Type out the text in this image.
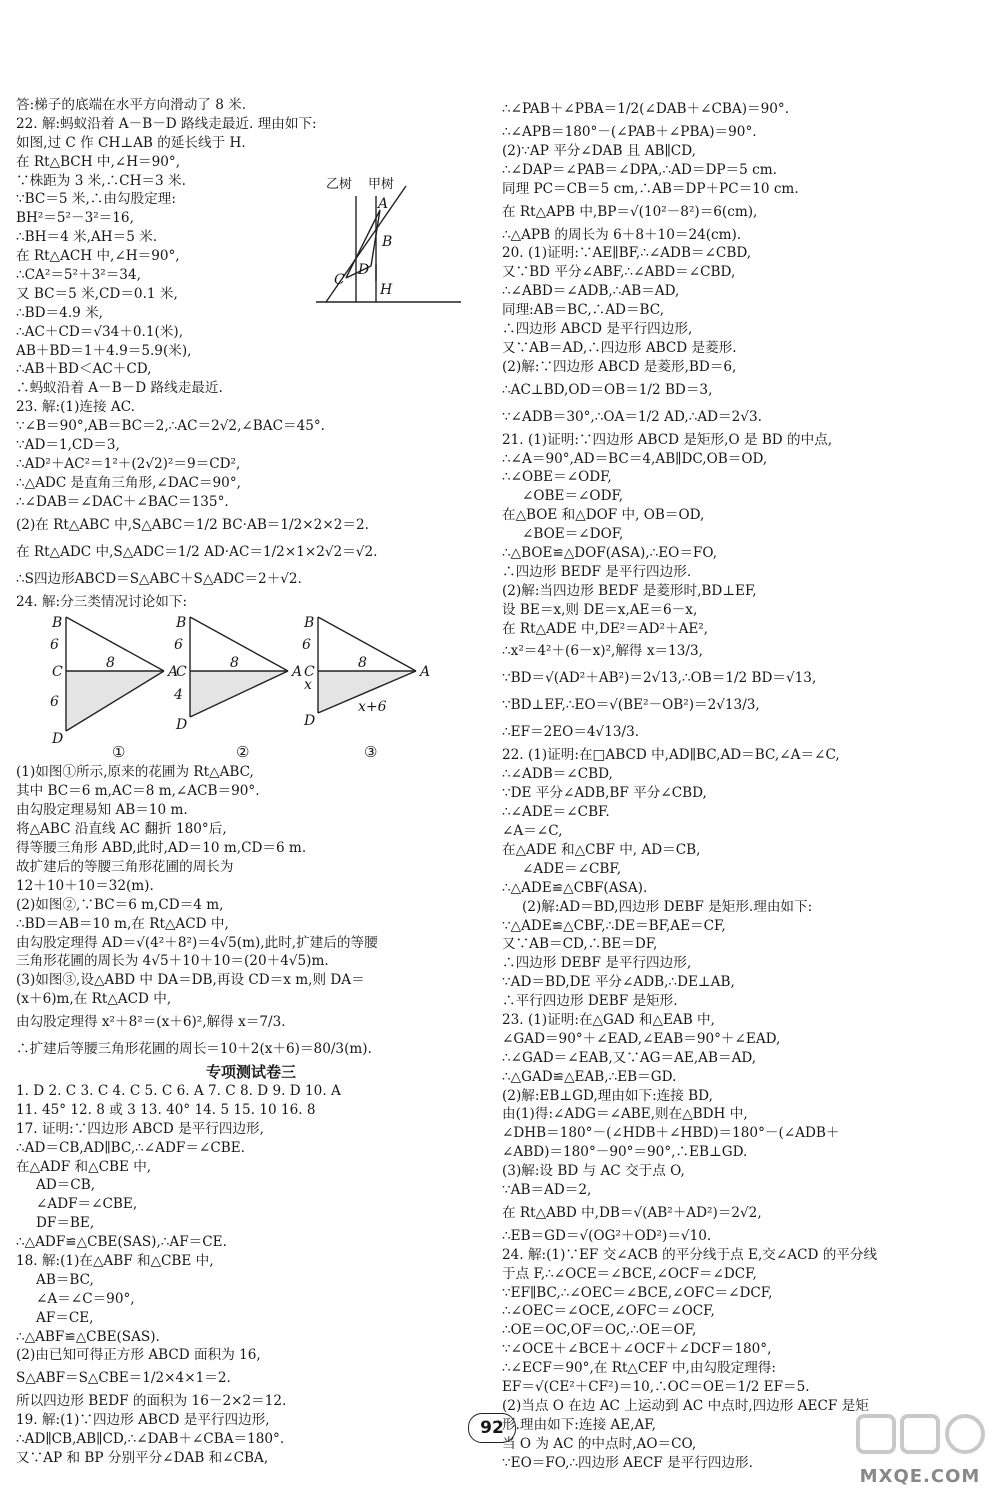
乙树 甲树
A
B
C
D
H
答:梯子的底端在水平方向滑动了 8 米.
22. 解:蚂蚁沿着 A－B－D 路线走最近. 理由如下:
如图,过 C 作 CH⊥AB 的延长线于 H.
在 Rt△BCH 中,∠H＝90°,
∵株距为 3 米,∴CH＝3 米.
∵BC＝5 米,∴由勾股定理:
BH²＝5²－3²＝16,
∴BH＝4 米,AH＝5 米.
在 Rt△ACH 中,∠H＝90°,
∴CA²＝5²＋3²＝34,
又 BC＝5 米,CD＝0.1 米,
∴BD＝4.9 米,
∴AC＋CD＝√34＋0.1(米),
AB＋BD＝1＋4.9＝5.9(米),
∴AB＋BD＜AC＋CD,
∴蚂蚁沿着 A－B－D 路线走最近.
23. 解:(1)连接 AC.
∵∠B＝90°,AB＝BC＝2,∴AC＝2√2,∠BAC＝45°.
∵AD＝1,CD＝3,
∴AD²＋AC²＝1²＋(2√2)²＝9＝CD²,
∴△ADC 是直角三角形,∠DAC＝90°,
∴∠DAB＝∠DAC＋∠BAC＝135°.
(2)在 Rt△ABC 中,S△ABC＝1/2 BC·AB＝1/2×2×2＝2.
在 Rt△ADC 中,S△ADC＝1/2 AD·AC＝1/2×1×2√2＝√2.
∴S四边形ABCD＝S△ABC＋S△ADC＝2＋√2.
24. 解:分三类情况讨论如下:
B
C	A
D
6
6
8
①
B
C	A
D
6
4
8
②
B
C	A
D
6
8
x
x+6
③
(1)如图①所示,原来的花圃为 Rt△ABC,
其中 BC＝6 m,AC＝8 m,∠ACB＝90°.
由勾股定理易知 AB＝10 m.
将△ABC 沿直线 AC 翻折 180°后,
得等腰三角形 ABD,此时,AD＝10 m,CD＝6 m.
故扩建后的等腰三角形花圃的周长为
12＋10＋10＝32(m).
(2)如图②,∵BC＝6 m,CD＝4 m,
∴BD＝AB＝10 m,在 Rt△ACD 中,
由勾股定理得 AD＝√(4²＋8²)＝4√5(m),此时,扩建后的等腰
三角形花圃的周长为 4√5＋10＋10＝(20＋4√5)m.
(3)如图③,设△ABD 中 DA＝DB,再设 CD＝x m,则 DA＝
(x＋6)m,在 Rt△ACD 中,
由勾股定理得 x²＋8²＝(x＋6)²,解得 x＝7/3.
∴扩建后等腰三角形花圃的周长＝10＋2(x＋6)＝80/3(m).
专项测试卷三
1. D 2. C 3. C 4. C 5. C 6. A 7. C 8. D 9. D 10. A
11. 45° 12. 8 或 3 13. 40° 14. 5 15. 10 16. 8
17. 证明:∵四边形 ABCD 是平行四边形,
∴AD＝CB,AD∥BC,∴∠ADF＝∠CBE.
在△ADF 和△CBE 中,
AD＝CB,
∠ADF＝∠CBE,
DF＝BE,
∴△ADF≌△CBE(SAS),∴AF＝CE.
18. 解:(1)在△ABF 和△CBE 中,
AB＝BC,
∠A＝∠C＝90°,
AF＝CE,
∴△ABF≌△CBE(SAS).
(2)由已知可得正方形 ABCD 面积为 16,
S△ABF＝S△CBE＝1/2×4×1＝2.
所以四边形 BEDF 的面积为 16－2×2＝12.
19. 解:(1)∵四边形 ABCD 是平行四边形,
∴AD∥CB,AB∥CD,∴∠DAB＋∠CBA＝180°.
又∵AP 和 BP 分别平分∠DAB 和∠CBA,
∴∠PAB＋∠PBA＝1/2(∠DAB＋∠CBA)＝90°.
∴∠APB＝180°－(∠PAB＋∠PBA)＝90°.
(2)∵AP 平分∠DAB 且 AB∥CD,
∴∠DAP＝∠PAB＝∠DPA,∴AD＝DP＝5 cm.
同理 PC＝CB＝5 cm,∴AB＝DP＋PC＝10 cm.
在 Rt△APB 中,BP＝√(10²－8²)＝6(cm),
∴△APB 的周长为 6＋8＋10＝24(cm).
20. (1)证明:∵AE∥BF,∴∠ADB＝∠CBD,
又∵BD 平分∠ABF,∴∠ABD＝∠CBD,
∴∠ABD＝∠ADB,∴AB＝AD,
同理:AB＝BC,∴AD＝BC,
∴四边形 ABCD 是平行四边形,
又∵AB＝AD,∴四边形 ABCD 是菱形.
(2)解:∵四边形 ABCD 是菱形,BD＝6,
∴AC⊥BD,OD＝OB＝1/2 BD＝3,
∵∠ADB＝30°,∴OA＝1/2 AD,∴AD＝2√3.
21. (1)证明:∵四边形 ABCD 是矩形,O 是 BD 的中点,
∴∠A＝90°,AD＝BC＝4,AB∥DC,OB＝OD,
∴∠OBE＝∠ODF,
∠OBE＝∠ODF,
在△BOE 和△DOF 中, OB＝OD,
∠BOE＝∠DOF,
∴△BOE≌△DOF(ASA),∴EO＝FO,
∴四边形 BEDF 是平行四边形.
(2)解:当四边形 BEDF 是菱形时,BD⊥EF,
设 BE＝x,则 DE＝x,AE＝6－x,
在 Rt△ADE 中,DE²＝AD²＋AE²,
∴x²＝4²＋(6－x)²,解得 x＝13/3,
∵BD＝√(AD²＋AB²)＝2√13,∴OB＝1/2 BD＝√13,
∵BD⊥EF,∴EO＝√(BE²－OB²)＝2√13/3,
∴EF＝2EO＝4√13/3.
22. (1)证明:在□ABCD 中,AD∥BC,AD＝BC,∠A＝∠C,
∴∠ADB＝∠CBD,
∵DE 平分∠ADB,BF 平分∠CBD,
∴∠ADE＝∠CBF.
∠A＝∠C,
在△ADE 和△CBF 中, AD＝CB,
∠ADE＝∠CBF,
∴△ADE≌△CBF(ASA).
(2)解:AD＝BD,四边形 DEBF 是矩形.理由如下:
∵△ADE≌△CBF,∴DE＝BF,AE＝CF,
又∵AB＝CD,∴BE＝DF,
∴四边形 DEBF 是平行四边形,
∵AD＝BD,DE 平分∠ADB,∴DE⊥AB,
∴平行四边形 DEBF 是矩形.
23. (1)证明:在△GAD 和△EAB 中,
∠GAD＝90°＋∠EAD,∠EAB＝90°＋∠EAD,
∴∠GAD＝∠EAB,又∵AG＝AE,AB＝AD,
∴△GAD≌△EAB,∴EB＝GD.
(2)解:EB⊥GD,理由如下:连接 BD,
由(1)得:∠ADG＝∠ABE,则在△BDH 中,
∠DHB＝180°－(∠HDB＋∠HBD)＝180°－(∠ADB＋
∠ABD)＝180°－90°＝90°,∴EB⊥GD.
(3)解:设 BD 与 AC 交于点 O,
∵AB＝AD＝2,
在 Rt△ABD 中,DB＝√(AB²＋AD²)＝2√2,
∴EB＝GD＝√(OG²＋OD²)＝√10.
24. 解:(1)∵EF 交∠ACB 的平分线于点 E,交∠ACD 的平分线
于点 F,∴∠OCE＝∠BCE,∠OCF＝∠DCF,
∵EF∥BC,∴∠OEC＝∠BCE,∠OFC＝∠DCF,
∴∠OEC＝∠OCE,∠OFC＝∠OCF,
∴OE＝OC,OF＝OC,∴OE＝OF,
∵∠OCE＋∠BCE＋∠OCF＋∠DCF＝180°,
∴∠ECF＝90°,在 Rt△CEF 中,由勾股定理得:
EF＝√(CE²＋CF²)＝10,∴OC＝OE＝1/2 EF＝5.
(2)当点 O 在边 AC 上运动到 AC 中点时,四边形 AECF 是矩
形.理由如下:连接 AE,AF,
当 O 为 AC 的中点时,AO＝CO,
∵EO＝FO,∴四边形 AECF 是平行四边形.
92
MXQE.COM
